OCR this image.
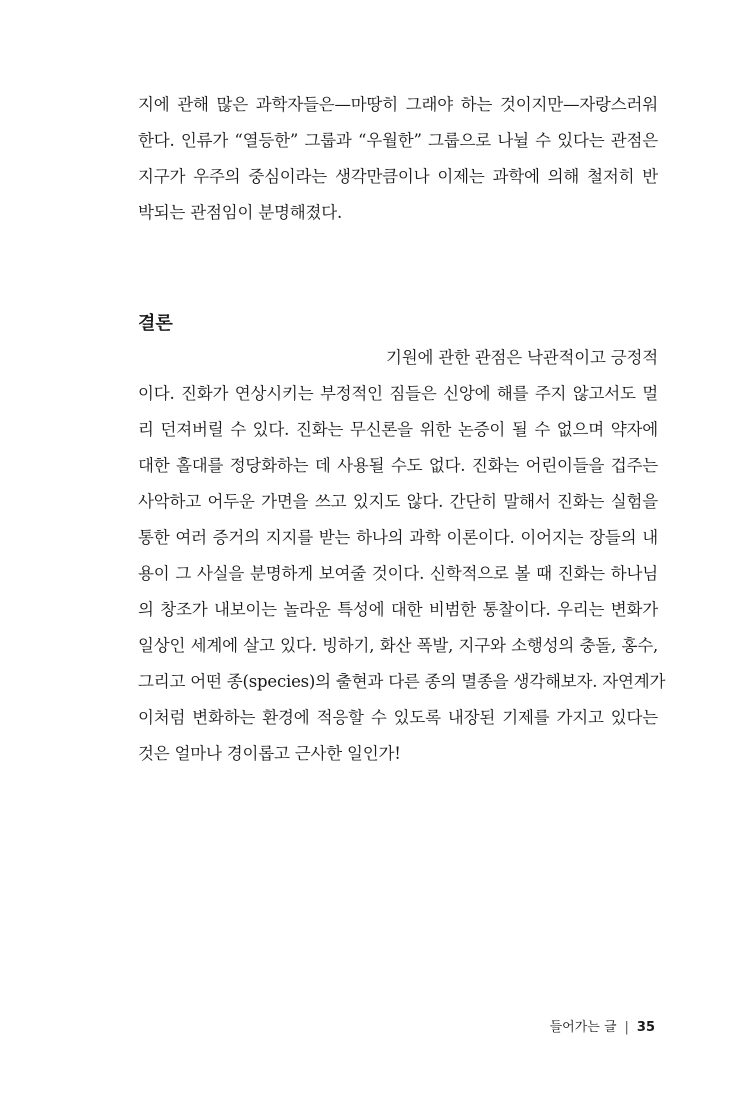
지에 관해 많은 과학자들은—마땅히 그래야 하는 것이지만—자랑스러워
한다. 인류가 “열등한” 그룹과 “우월한” 그룹으로 나뉠 수 있다는 관점은
지구가 우주의 중심이라는 생각만큼이나 이제는 과학에 의해 철저히 반
박되는 관점임이 분명해졌다.
결론
기원에 관한 관점은 낙관적이고 긍정적
이다. 진화가 연상시키는 부정적인 짐들은 신앙에 해를 주지 않고서도 멀
리 던져버릴 수 있다. 진화는 무신론을 위한 논증이 될 수 없으며 약자에
대한 홀대를 정당화하는 데 사용될 수도 없다. 진화는 어린이들을 겁주는
사악하고 어두운 가면을 쓰고 있지도 않다. 간단히 말해서 진화는 실험을
통한 여러 증거의 지지를 받는 하나의 과학 이론이다. 이어지는 장들의 내
용이 그 사실을 분명하게 보여줄 것이다. 신학적으로 볼 때 진화는 하나님
의 창조가 내보이는 놀라운 특성에 대한 비범한 통찰이다. 우리는 변화가
일상인 세계에 살고 있다. 빙하기, 화산 폭발, 지구와 소행성의 충돌, 홍수,
그리고 어떤 종(species)의 출현과 다른 종의 멸종을 생각해보자. 자연계가
이처럼 변화하는 환경에 적응할 수 있도록 내장된 기제를 가지고 있다는
것은 얼마나 경이롭고 근사한 일인가!
들어가는 글 | 35
